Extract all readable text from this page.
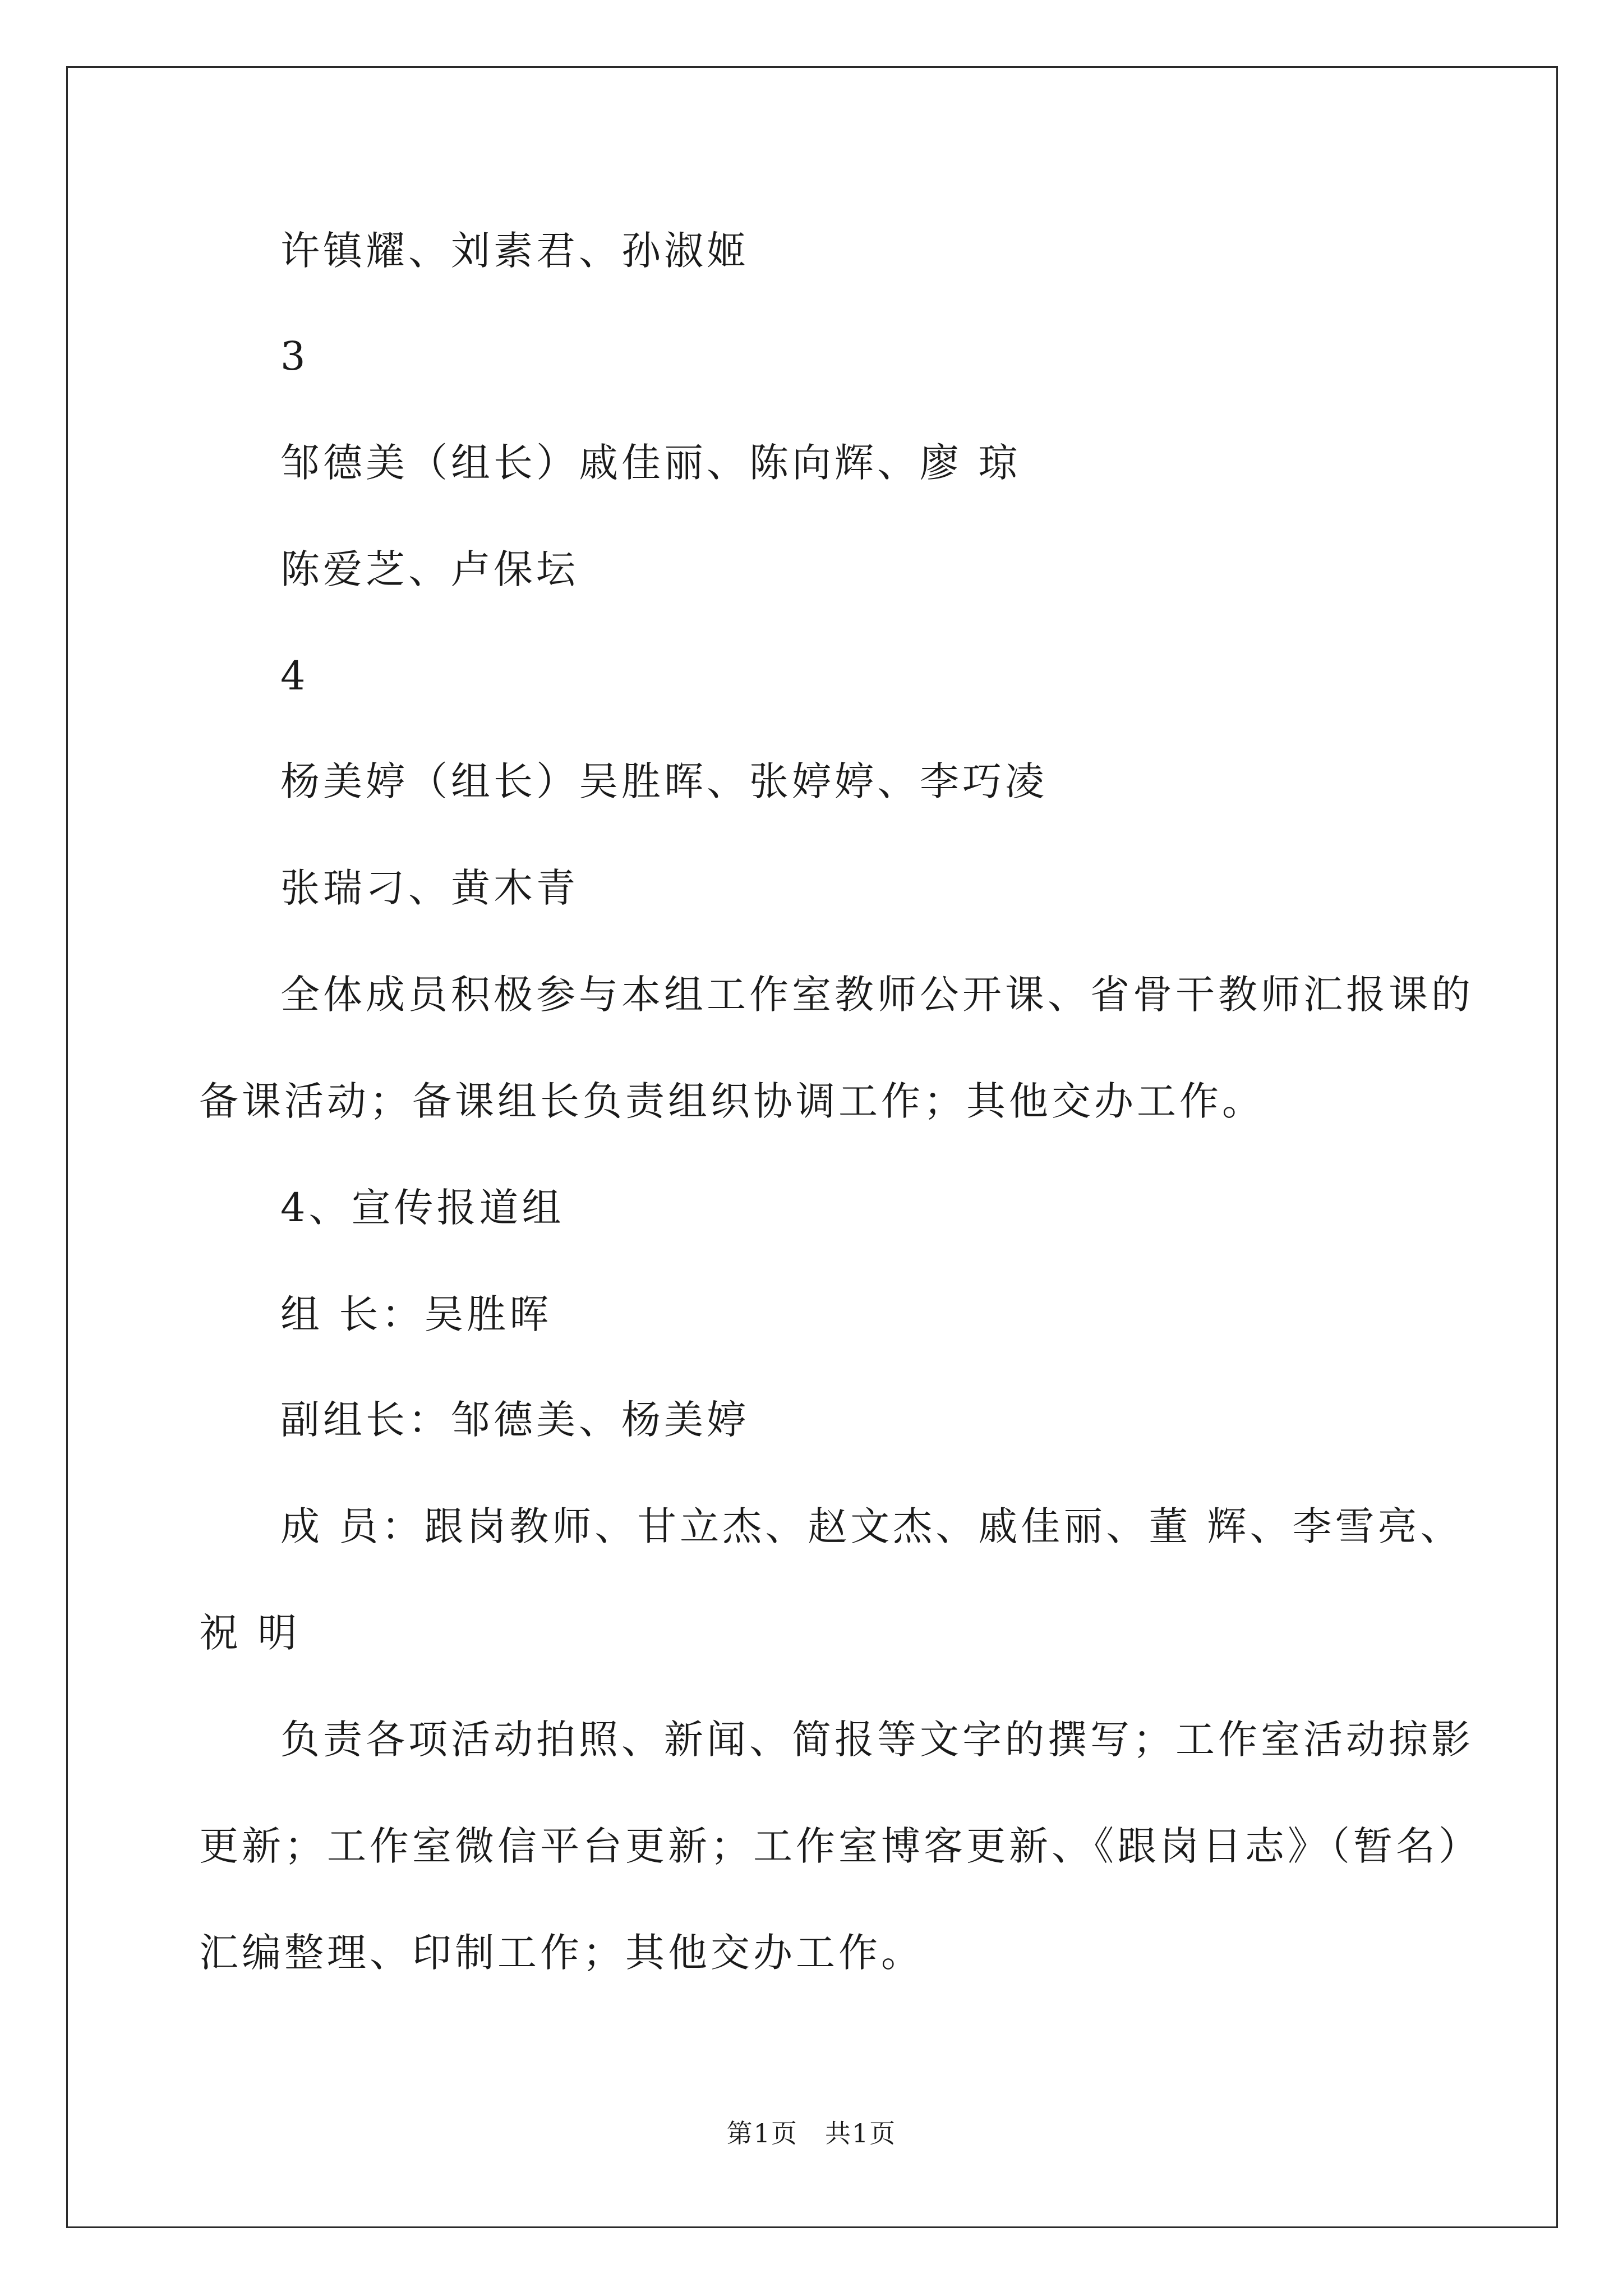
许镇耀、刘素君、孙淑姬
3
邹德美（组长）戚佳丽、陈向辉、廖 琼
陈爱芝、卢保坛
4
杨美婷（组长）吴胜晖、张婷婷、李巧凌
张瑞刁、黄木青
全体成员积极参与本组工作室教师公开课、省骨干教师汇报课的
备课活动；备课组长负责组织协调工作；其他交办工作。
4、宣传报道组
组 长：吴胜晖
副组长：邹德美、杨美婷
成 员：跟岗教师、甘立杰、赵文杰、戚佳丽、董 辉、李雪亮、
祝 明
负责各项活动拍照、新闻、简报等文字的撰写；工作室活动掠影
更新；工作室微信平台更新；工作室博客更新、《跟岗日志》（暂名）
汇编整理、印制工作；其他交办工作。
第1页　共1页
